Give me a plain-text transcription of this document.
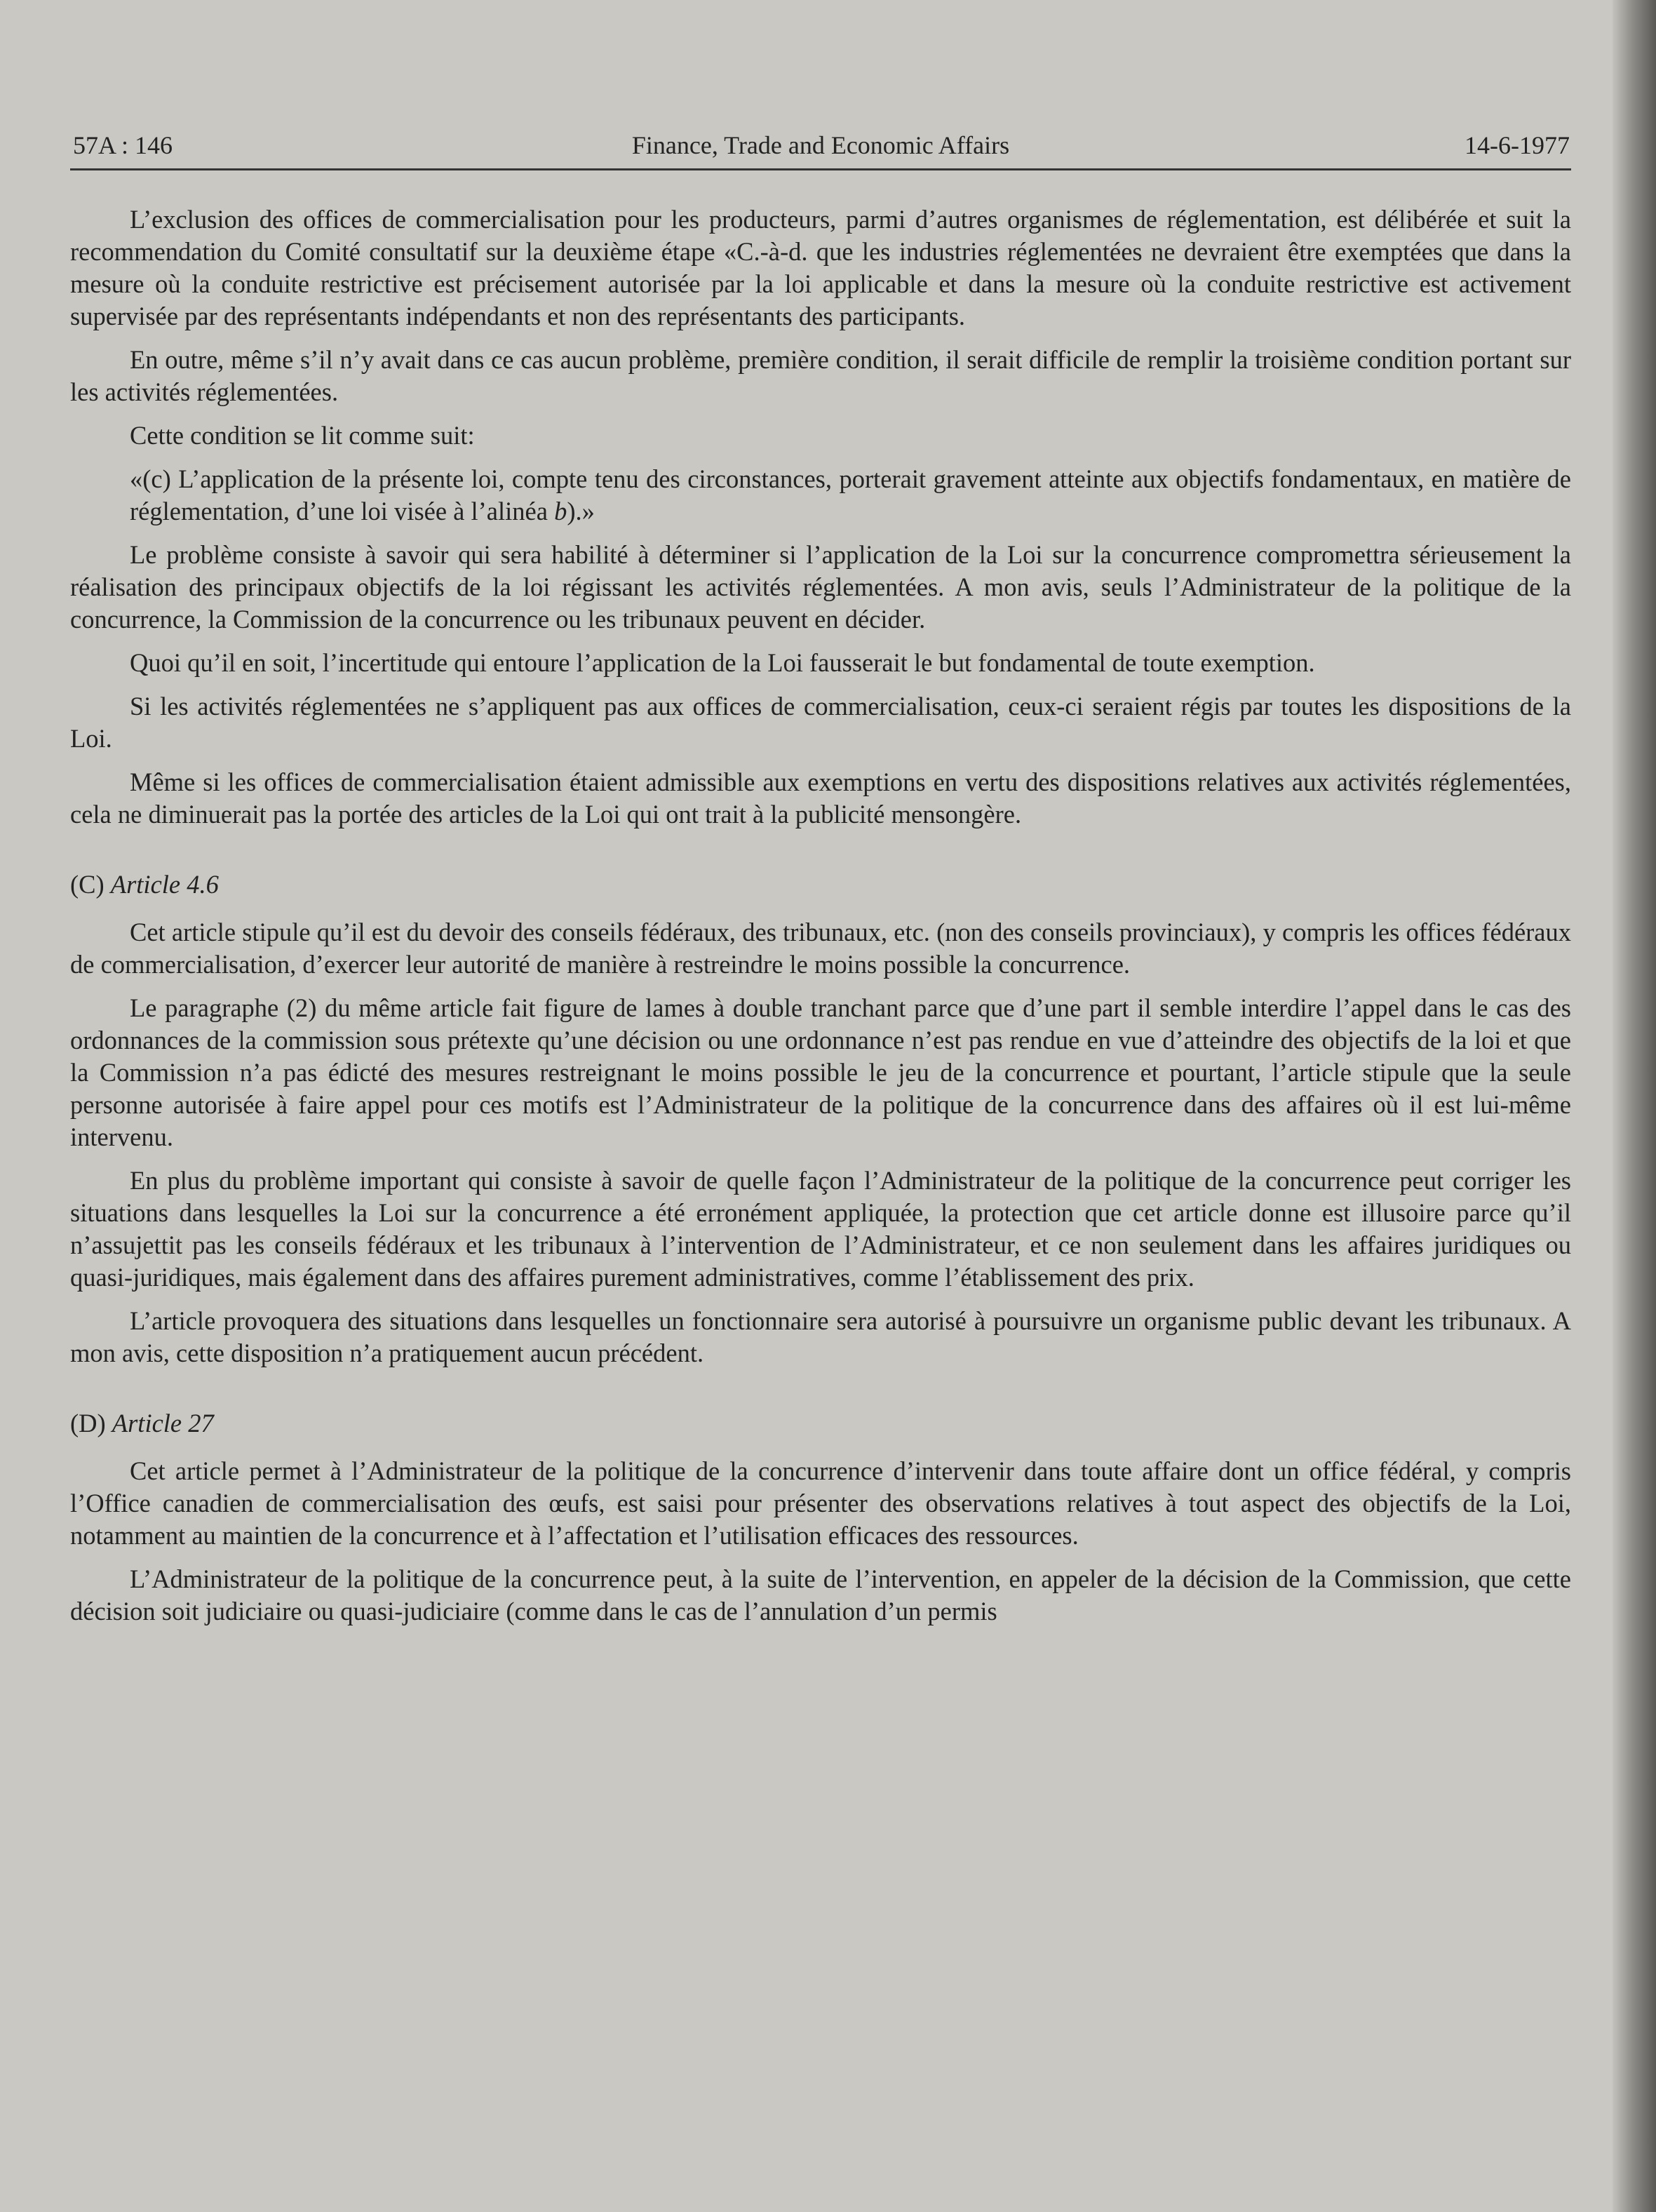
57A : 146	Finance, Trade and Economic Affairs	14-6-1977

L’exclusion des offices de commercialisation pour les producteurs, parmi d’autres organismes de réglementation, est délibérée et suit la recommendation du Comité consultatif sur la deuxième étape «C.-à-d. que les industries réglementées ne devraient être exemptées que dans la mesure où la conduite restrictive est précisement autorisée par la loi applicable et dans la mesure où la conduite restrictive est activement supervisée par des représentants indépendants et non des représentants des participants.

En outre, même s’il n’y avait dans ce cas aucun problème, première condition, il serait difficile de remplir la troisième condition portant sur les activités réglementées.

Cette condition se lit comme suit:

«(c) L’application de la présente loi, compte tenu des circonstances, porterait gravement atteinte aux objectifs fondamentaux, en matière de réglementation, d’une loi visée à l’alinéa b).»

Le problème consiste à savoir qui sera habilité à déterminer si l’application de la Loi sur la concurrence compromettra sérieusement la réalisation des principaux objectifs de la loi régissant les activités réglementées. A mon avis, seuls l’Administrateur de la politique de la concurrence, la Commission de la concurrence ou les tribunaux peuvent en décider.

Quoi qu’il en soit, l’incertitude qui entoure l’application de la Loi fausserait le but fondamental de toute exemption.

Si les activités réglementées ne s’appliquent pas aux offices de commercialisation, ceux-ci seraient régis par toutes les dispositions de la Loi.

Même si les offices de commercialisation étaient admissible aux exemptions en vertu des dispositions relatives aux activités réglementées, cela ne diminuerait pas la portée des articles de la Loi qui ont trait à la publicité mensongère.

(C) Article 4.6

Cet article stipule qu’il est du devoir des conseils fédéraux, des tribunaux, etc. (non des conseils provinciaux), y compris les offices fédéraux de commercialisation, d’exercer leur autorité de manière à restreindre le moins possible la concurrence.

Le paragraphe (2) du même article fait figure de lames à double tranchant parce que d’une part il semble interdire l’appel dans le cas des ordonnances de la commission sous prétexte qu’une décision ou une ordonnance n’est pas rendue en vue d’atteindre des objectifs de la loi et que la Commission n’a pas édicté des mesures restreignant le moins possible le jeu de la concurrence et pourtant, l’article stipule que la seule personne autorisée à faire appel pour ces motifs est l’Administrateur de la politique de la concurrence dans des affaires où il est lui-même intervenu.

En plus du problème important qui consiste à savoir de quelle façon l’Administrateur de la politique de la concurrence peut corriger les situations dans lesquelles la Loi sur la concurrence a été erronément appliquée, la protection que cet article donne est illusoire parce qu’il n’assujettit pas les conseils fédéraux et les tribunaux à l’intervention de l’Administrateur, et ce non seulement dans les affaires juridiques ou quasi-juridiques, mais également dans des affaires purement administratives, comme l’établissement des prix.

L’article provoquera des situations dans lesquelles un fonctionnaire sera autorisé à poursuivre un organisme public devant les tribunaux. A mon avis, cette disposition n’a pratiquement aucun précédent.

(D) Article 27

Cet article permet à l’Administrateur de la politique de la concurrence d’intervenir dans toute affaire dont un office fédéral, y compris l’Office canadien de commercialisation des œufs, est saisi pour présenter des observations relatives à tout aspect des objectifs de la Loi, notamment au maintien de la concurrence et à l’affectation et l’utilisation efficaces des ressources.

L’Administrateur de la politique de la concurrence peut, à la suite de l’intervention, en appeler de la décision de la Commission, que cette décision soit judiciaire ou quasi-judiciaire (comme dans le cas de l’annulation d’un permis
